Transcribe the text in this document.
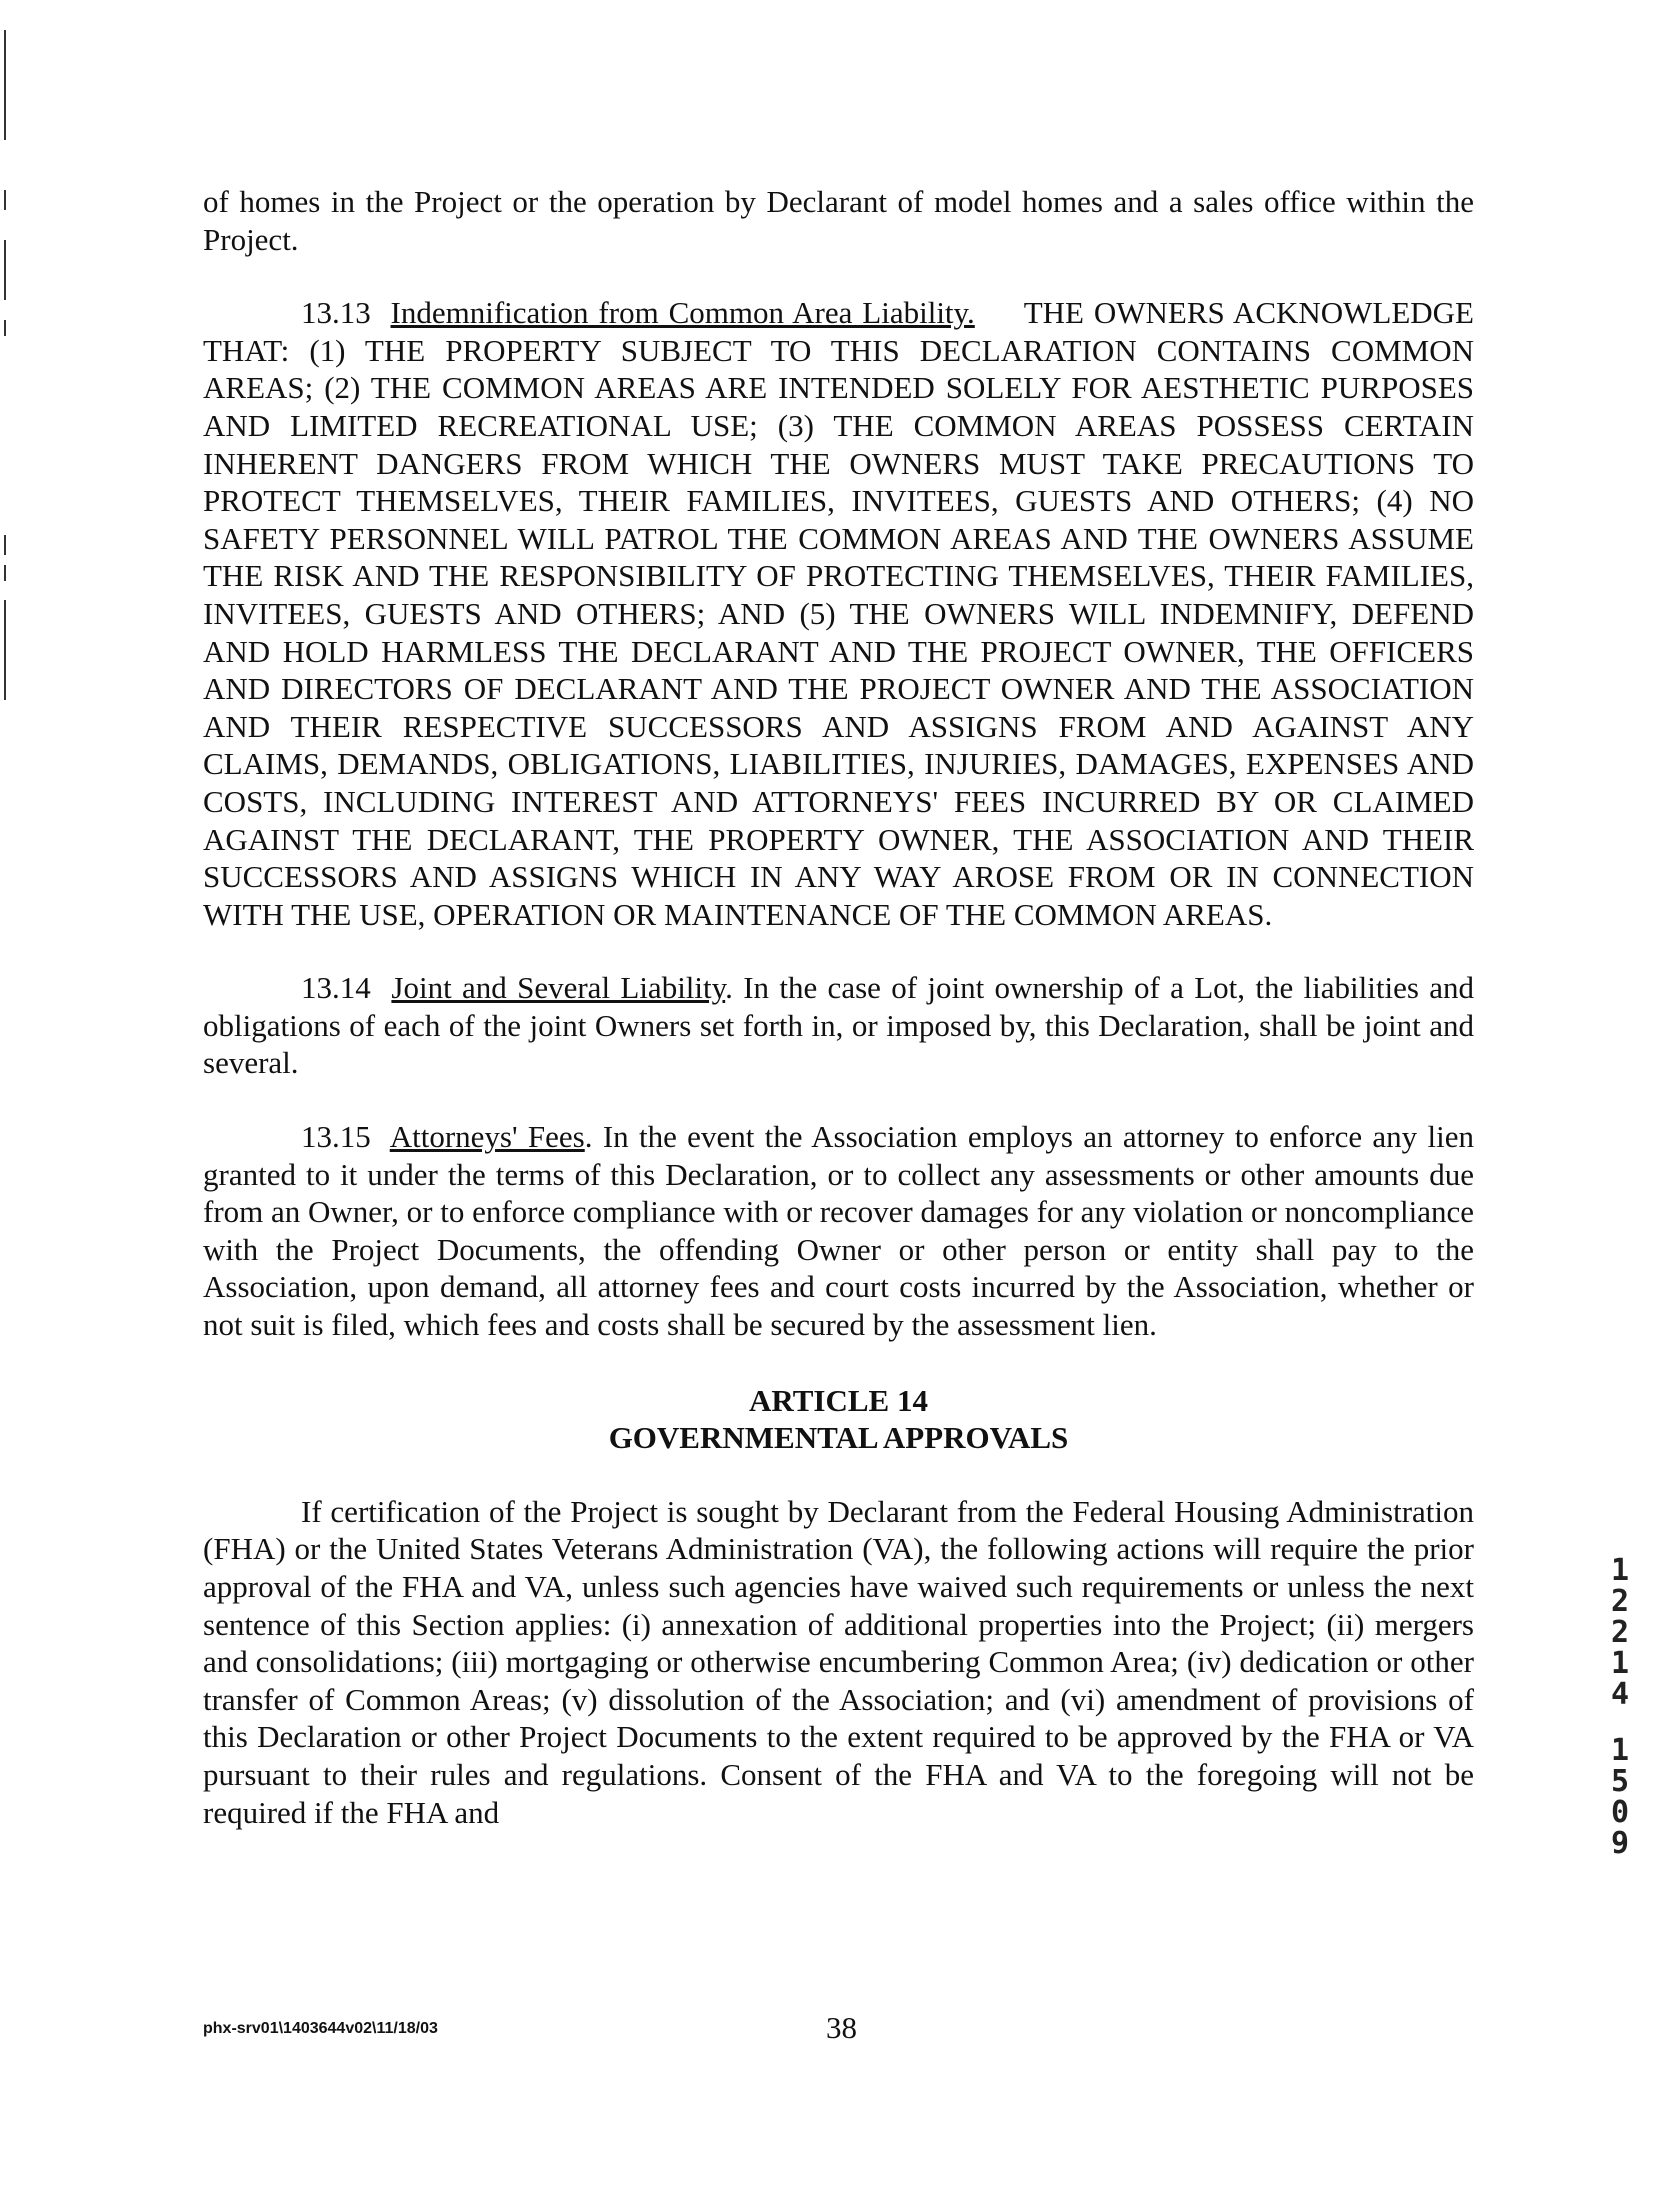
of homes in the Project or the operation by Declarant of model homes and a sales office within the Project.

13.13 Indemnification from Common Area Liability. THE OWNERS ACKNOWLEDGE THAT: (1) THE PROPERTY SUBJECT TO THIS DECLARATION CONTAINS COMMON AREAS; (2) THE COMMON AREAS ARE INTENDED SOLELY FOR AESTHETIC PURPOSES AND LIMITED RECREATIONAL USE; (3) THE COMMON AREAS POSSESS CERTAIN INHERENT DANGERS FROM WHICH THE OWNERS MUST TAKE PRECAUTIONS TO PROTECT THEMSELVES, THEIR FAMILIES, INVITEES, GUESTS AND OTHERS; (4) NO SAFETY PERSONNEL WILL PATROL THE COMMON AREAS AND THE OWNERS ASSUME THE RISK AND THE RESPONSIBILITY OF PROTECTING THEMSELVES, THEIR FAMILIES, INVITEES, GUESTS AND OTHERS; AND (5) THE OWNERS WILL INDEMNIFY, DEFEND AND HOLD HARMLESS THE DECLARANT AND THE PROJECT OWNER, THE OFFICERS AND DIRECTORS OF DECLARANT AND THE PROJECT OWNER AND THE ASSOCIATION AND THEIR RESPECTIVE SUCCESSORS AND ASSIGNS FROM AND AGAINST ANY CLAIMS, DEMANDS, OBLIGATIONS, LIABILITIES, INJURIES, DAMAGES, EXPENSES AND COSTS, INCLUDING INTEREST AND ATTORNEYS' FEES INCURRED BY OR CLAIMED AGAINST THE DECLARANT, THE PROPERTY OWNER, THE ASSOCIATION AND THEIR SUCCESSORS AND ASSIGNS WHICH IN ANY WAY AROSE FROM OR IN CONNECTION WITH THE USE, OPERATION OR MAINTENANCE OF THE COMMON AREAS.

13.14 Joint and Several Liability. In the case of joint ownership of a Lot, the liabilities and obligations of each of the joint Owners set forth in, or imposed by, this Declaration, shall be joint and several.

13.15 Attorneys' Fees. In the event the Association employs an attorney to enforce any lien granted to it under the terms of this Declaration, or to collect any assessments or other amounts due from an Owner, or to enforce compliance with or recover damages for any violation or noncompliance with the Project Documents, the offending Owner or other person or entity shall pay to the Association, upon demand, all attorney fees and court costs incurred by the Association, whether or not suit is filed, which fees and costs shall be secured by the assessment lien.

ARTICLE 14
GOVERNMENTAL APPROVALS

If certification of the Project is sought by Declarant from the Federal Housing Administration (FHA) or the United States Veterans Administration (VA), the following actions will require the prior approval of the FHA and VA, unless such agencies have waived such requirements or unless the next sentence of this Section applies: (i) annexation of additional properties into the Project; (ii) mergers and consolidations; (iii) mortgaging or otherwise encumbering Common Area; (iv) dedication or other transfer of Common Areas; (v) dissolution of the Association; and (vi) amendment of provisions of this Declaration or other Project Documents to the extent required to be approved by the FHA or VA pursuant to their rules and regulations. Consent of the FHA and VA to the foregoing will not be required if the FHA and

1
2
2
1
4
1
5
0
9
phx-srv01\1403644v02\11/18/03	38
